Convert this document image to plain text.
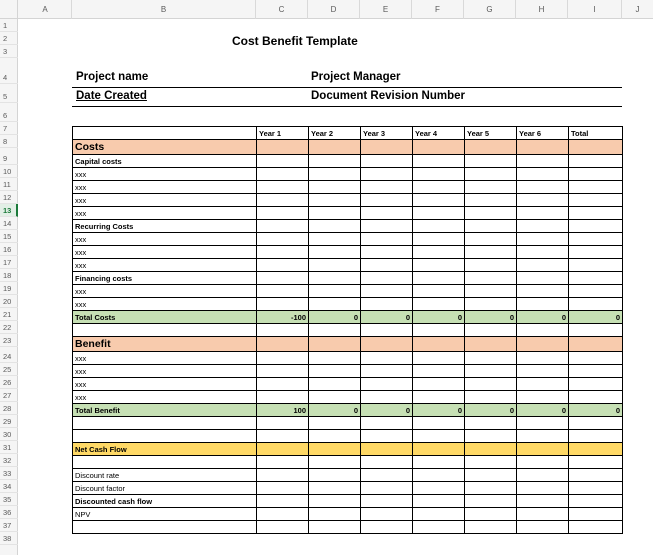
A	B	C	D	E	F	G	H	I	J
1
2
3
4
5
6
7
8
9
10
11
12
13
14
15
16
17
18
19
20
21
22
23
24
25
26
27
28
29
30
31
32
33
34
35
36
37
38
Cost Benefit Template
Project name	Project Manager
Date Created	Document Revision Number
	Year 1	Year 2	Year 3	Year 4	Year 5	Year 6	Total
Costs							
Capital costs							
xxx							
xxx							
xxx							
xxx							
Recurring Costs							
xxx							
xxx							
xxx							
Financing costs							
xxx							
xxx							
Total Costs	-100	0	0	0	0	0	0

Benefit							
xxx							
xxx							
xxx							
xxx							
Total Benefit	100	0	0	0	0	0	0

Net Cash Flow							

Discount rate							
Discount factor							
Discounted cash flow							
NPV							
